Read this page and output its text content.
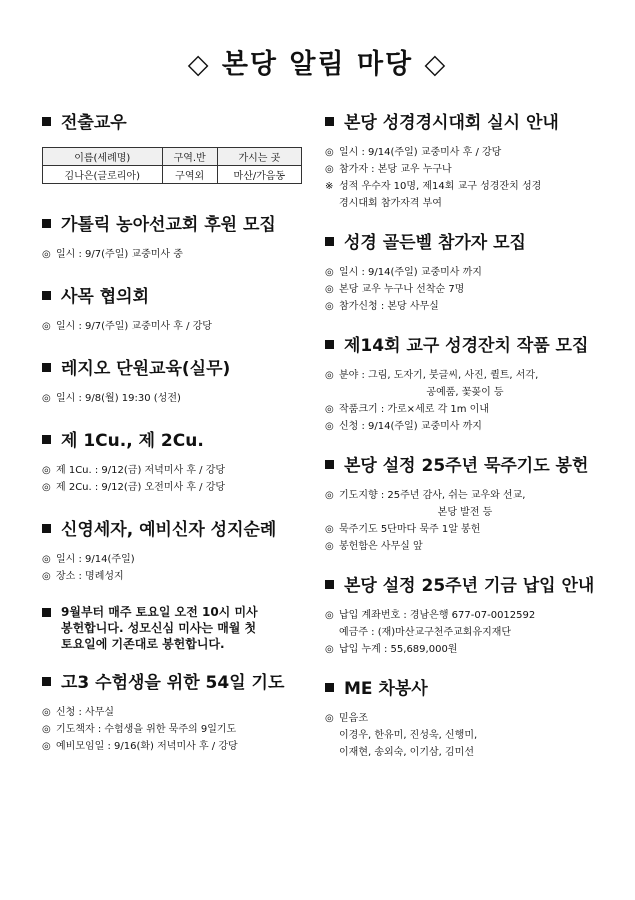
◇ 본당 알림 마당 ◇
전출교우
이름(세례명)	구역.반	가시는 곳
김나은(글로리아)	구역외	마산/가음동
가톨릭 농아선교회 후원 모집
◎ 일시 : 9/7(주일) 교중미사 중
사목 협의회
◎ 일시 : 9/7(주일) 교중미사 후 / 강당
레지오 단원교육(실무)
◎ 일시 : 9/8(월) 19:30 (성전)
제 1Cu., 제 2Cu.
◎ 제 1Cu. : 9/12(금) 저녁미사 후 / 강당
◎ 제 2Cu. : 9/12(금) 오전미사 후 / 강당
신영세자, 예비신자 성지순례
◎ 일시 : 9/14(주일)
◎ 장소 : 명례성지
9월부터 매주 토요일 오전 10시 미사
봉헌합니다. 성모신심 미사는 매월 첫
토요일에 기존대로 봉헌합니다.
고3 수험생을 위한 54일 기도
◎ 신청 : 사무실
◎ 기도책자 : 수험생을 위한 묵주의 9일기도
◎ 예비모임일 : 9/16(화) 저녁미사 후 / 강당
본당 성경경시대회 실시 안내
◎ 일시 : 9/14(주일) 교중미사 후 / 강당
◎ 참가자 : 본당 교우 누구나
※ 성적 우수자 10명, 제14회 교구 성경잔치 성경
경시대회 참가자격 부여
성경 골든벨 참가자 모집
◎ 일시 : 9/14(주일) 교중미사 까지
◎ 본당 교우 누구나 선착순 7명
◎ 참가신청 : 본당 사무실
제14회 교구 성경잔치 작품 모집
◎ 분야 : 그림, 도자기, 붓글씨, 사진, 퀼트, 서각,
공예품, 꽃꽂이 등
◎ 작품크기 : 가로×세로 각 1m 이내
◎ 신청 : 9/14(주일) 교중미사 까지
본당 설정 25주년 묵주기도 봉헌
◎ 기도지향 : 25주년 감사, 쉬는 교우와 선교,
본당 발전 등
◎ 묵주기도 5단마다 묵주 1알 봉헌
◎ 봉헌함은 사무실 앞
본당 설정 25주년 기금 납입 안내
◎ 납입 계좌번호 : 경남은행 677-07-0012592
예금주 : (재)마산교구천주교회유지재단
◎ 납입 누계 : 55,689,000원
ME 차봉사
◎ 믿음조
이경우, 한유미, 진성욱, 신행미,
이재현, 송외숙, 이기삼, 김미선
